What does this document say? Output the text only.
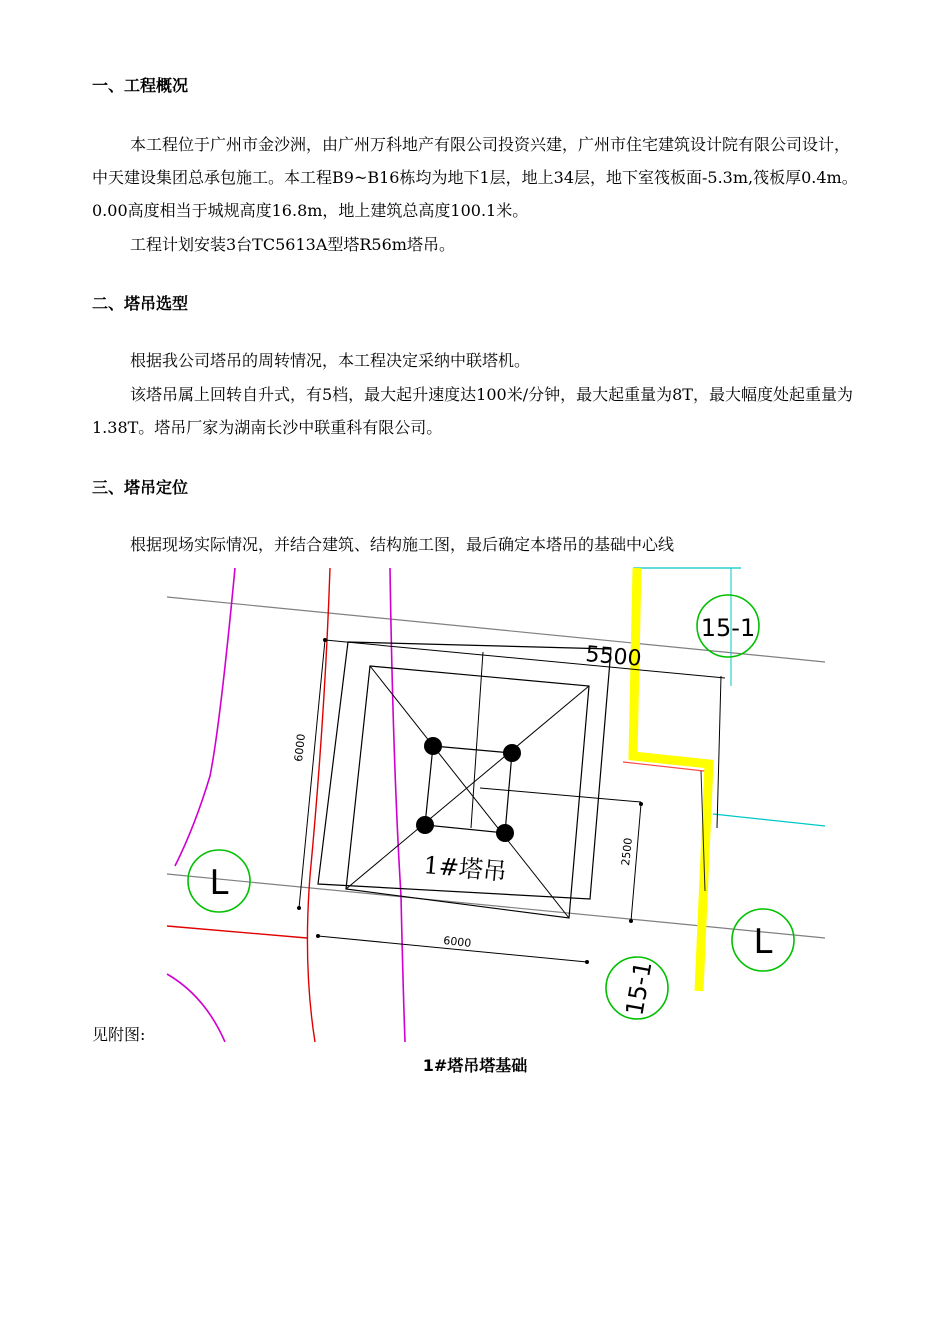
一、工程概况

本工程位于广州市金沙洲，由广州万科地产有限公司投资兴建，广州市住宅建筑设计院有限公司设计，中天建设集团总承包施工。本工程B9~B16栋均为地下1层，地上34层，地下室筏板面-5.3m,筏板厚0.4m。0.00高度相当于城规高度16.8m，地上建筑总高度100.1米。

工程计划安装3台TC5613A型塔R56m塔吊。

二、塔吊选型

根据我公司塔吊的周转情况，本工程决定采纳中联塔机。

该塔吊属上回转自升式，有5档，最大起升速度达100米/分钟，最大起重量为8T，最大幅度处起重量为1.38T。塔吊厂家为湖南长沙中联重科有限公司。

三、塔吊定位

根据现场实际情况，并结合建筑、结构施工图，最后确定本塔吊的基础中心线

5500
6000
2500
6000
1#塔吊
15-1
15-1
L
L

见附图:

1#塔吊塔基础
